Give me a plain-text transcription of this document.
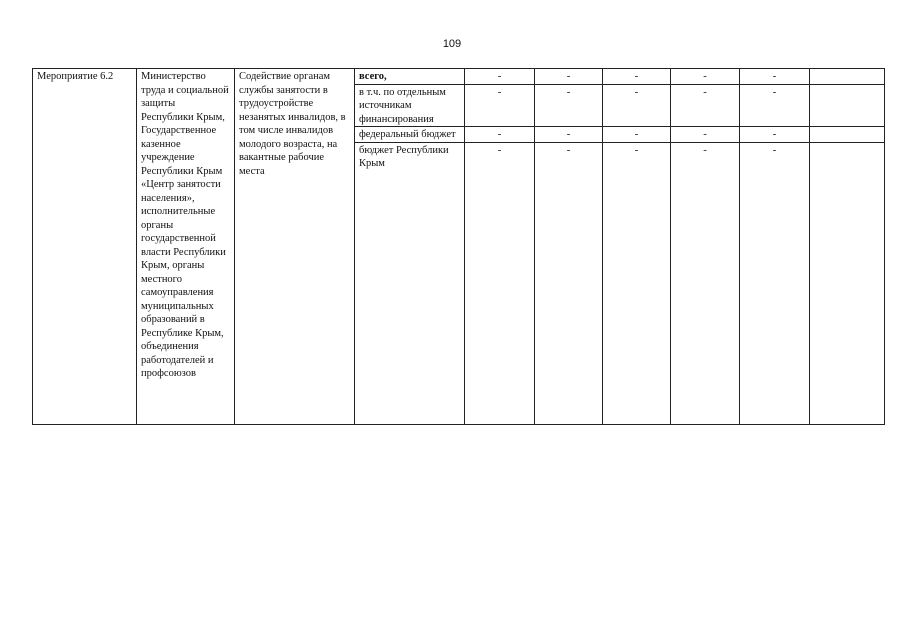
109
Мероприятие 6.2	Министерство труда и социальной защиты Республики Крым, Государственное казенное учреждение Республики Крым «Центр занятости населения», исполнительные органы государственной власти Республики Крым, органы местного самоуправления муниципальных образований в Республике Крым, объединения работодателей и профсоюзов	Содействие органам службы занятости в трудоустройстве незанятых инвалидов, в том числе инвалидов молодого возраста, на вакантные рабочие места	всего,	-	-	-	-	-	
			в т.ч. по отдельным источникам финансирования	-	-	-	-	-	
			федеральный бюджет	-	-	-	-	-	
			бюджет Республики Крым	-	-	-	-	-	
